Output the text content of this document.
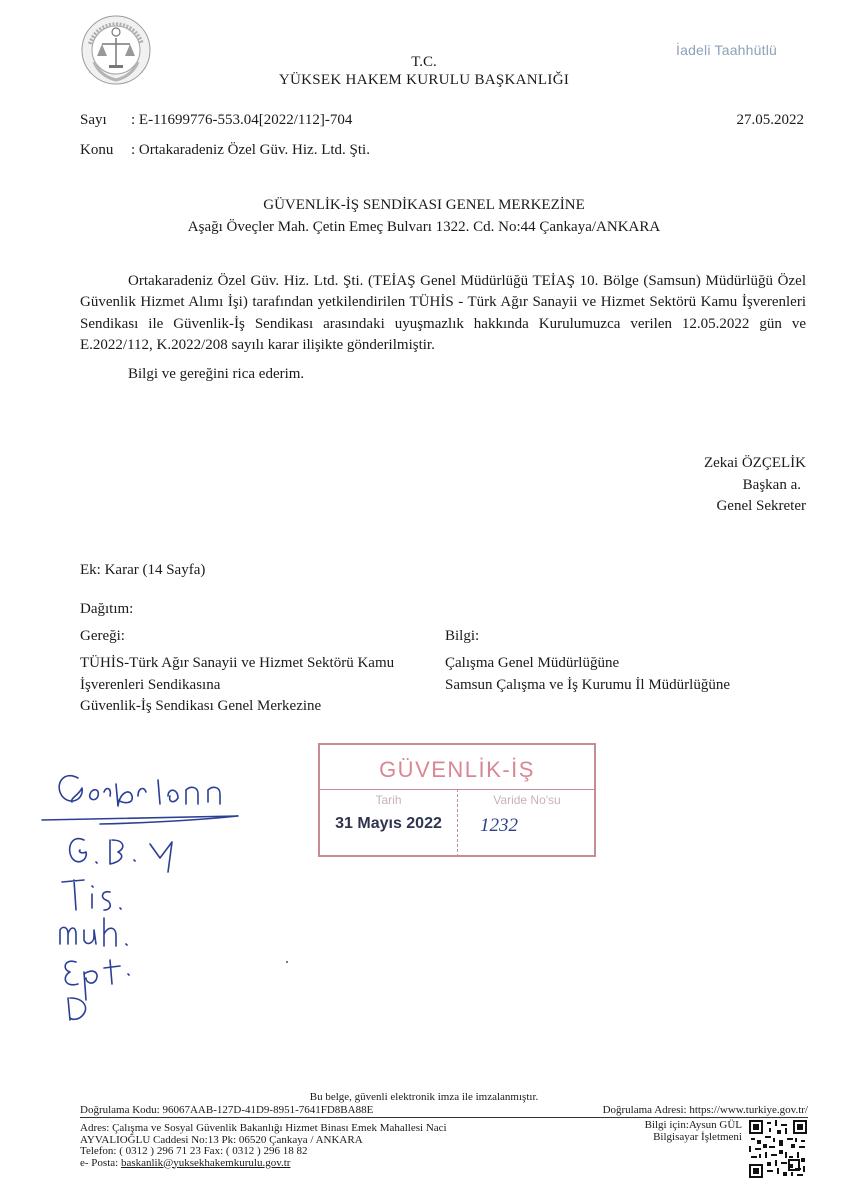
İadeli Taahhütlü
T.C.
YÜKSEK HAKEM KURULU BAŞKANLIĞI
Sayı : E-11699776-553.04[2022/112]-704	27.05.2022
Konu : Ortakaradeniz Özel Güv. Hiz. Ltd. Şti.
GÜVENLİK-İŞ SENDİKASI GENEL MERKEZİNE
Aşağı Öveçler Mah. Çetin Emeç Bulvarı 1322. Cd. No:44 Çankaya/ANKARA
Ortakaradeniz Özel Güv. Hiz. Ltd. Şti. (TEİAŞ Genel Müdürlüğü TEİAŞ 10. Bölge (Samsun) Müdürlüğü Özel Güvenlik Hizmet Alımı İşi) tarafından yetkilendirilen TÜHİS - Türk Ağır Sanayii ve Hizmet Sektörü Kamu İşverenleri Sendikası ile Güvenlik-İş Sendikası arasındaki uyuşmazlık hakkında Kurulumuzca verilen 12.05.2022 gün ve E.2022/112, K.2022/208 sayılı karar ilişikte gönderilmiştir.
Bilgi ve gereğini rica ederim.
Zekai ÖZÇELİK
Başkan a.
Genel Sekreter
Ek: Karar (14 Sayfa)
Dağıtım:
Gereği:	Bilgi:
TÜHİS-Türk Ağır Sanayii ve Hizmet Sektörü Kamu
İşverenleri Sendikasına
Güvenlik-İş Sendikası Genel Merkezine
Çalışma Genel Müdürlüğüne
Samsun Çalışma ve İş Kurumu İl Müdürlüğüne
GÜVENLİK-İŞ
Tarih	Varide No'su
31 Mayıs 2022	1232
Bu belge, güvenli elektronik imza ile imzalanmıştır.
Doğrulama Kodu: 96067AAB-127D-41D9-8951-7641FD8BA88E	Doğrulama Adresi: https://www.turkiye.gov.tr/
Adres: Çalışma ve Sosyal Güvenlik Bakanlığı Hizmet Binası Emek Mahallesi Naci
AYVALIOĞLU Caddesi No:13 Pk: 06520 Çankaya / ANKARA
Telefon: ( 0312 ) 296 71 23 Fax: ( 0312 ) 296 18 82
e- Posta: baskanlik@yuksekhakemkurulu.gov.tr
Bilgi için:Aysun GÜL
Bilgisayar İşletmeni
